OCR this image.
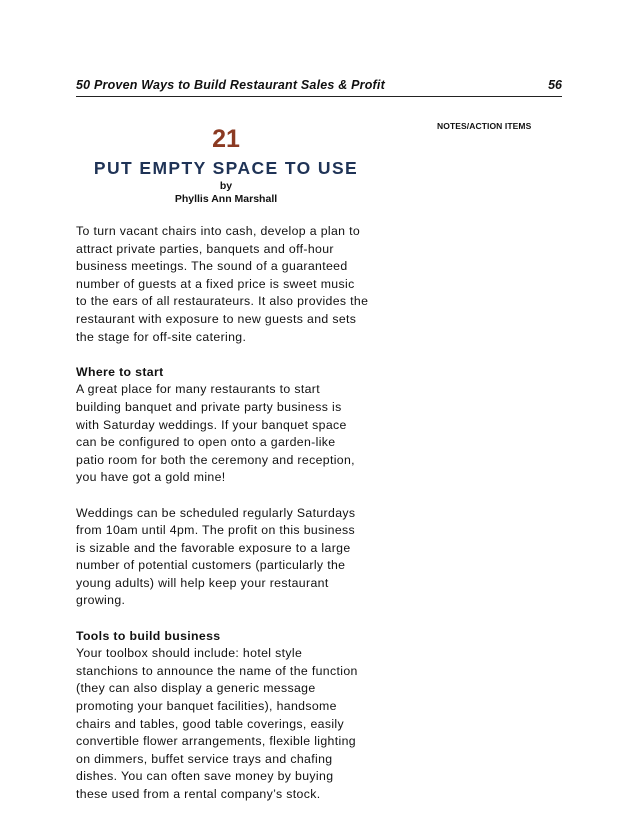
50 Proven Ways to Build Restaurant Sales & Profit	56
NOTES/ACTION ITEMS
21
PUT EMPTY SPACE TO USE
by
Phyllis Ann Marshall

To turn vacant chairs into cash, develop a plan to
attract private parties, banquets and off-hour
business meetings. The sound of a guaranteed
number of guests at a fixed price is sweet music
to the ears of all restaurateurs. It also provides the
restaurant with exposure to new guests and sets
the stage for off-site catering.

Where to start
A great place for many restaurants to start
building banquet and private party business is
with Saturday weddings. If your banquet space
can be configured to open onto a garden-like
patio room for both the ceremony and reception,
you have got a gold mine!

Weddings can be scheduled regularly Saturdays
from 10am until 4pm. The profit on this business
is sizable and the favorable exposure to a large
number of potential customers (particularly the
young adults) will help keep your restaurant
growing.

Tools to build business
Your toolbox should include: hotel style
stanchions to announce the name of the function
(they can also display a generic message
promoting your banquet facilities), handsome
chairs and tables, good table coverings, easily
convertible flower arrangements, flexible lighting
on dimmers, buffet service trays and chafing
dishes. You can often save money by buying
these used from a rental company’s stock.
